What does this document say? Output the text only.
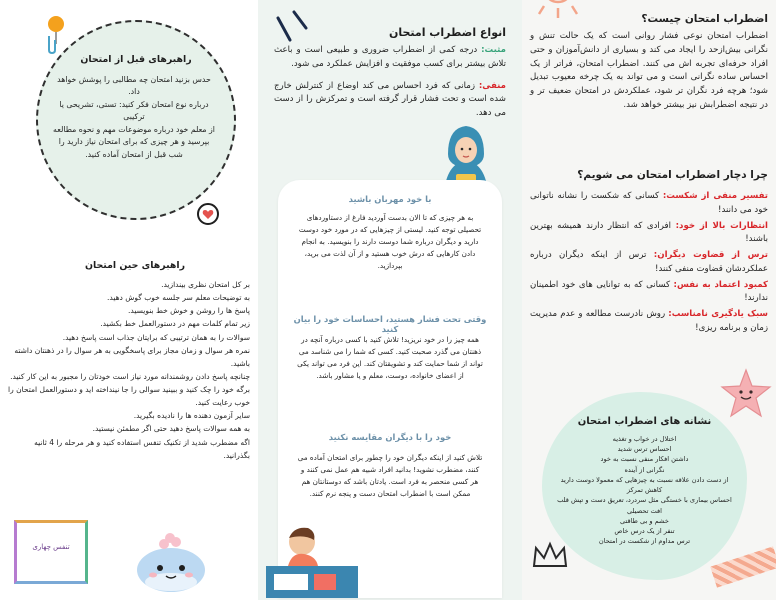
اضطراب امتحان چیست؟

اضطراب امتحان نوعی فشار روانی است که یک حالت تنش و نگرانی بیش‌ازحد را ایجاد می کند و بسیاری از دانش‌آموزان و حتی افراد حرفه‌ای تجربه اش می کنند. اضطراب امتحان، فراتر از یک احساس ساده نگرانی است و می تواند به یک چرخه معیوب تبدیل شود؛ هرچه فرد نگران تر شود، عملکردش در امتحان ضعیف تر و در نتیجه اضطرابش نیز بیشتر خواهد شد.

چرا دچار اضطراب امتحان می شویم؟

تفسیر منفی از شکست: کسانی که شکست را نشانه ناتوانی خود می دانند!

انتظارات بالا از خود: افرادی که انتظار دارند همیشه بهترین باشند!

ترس از قضاوت دیگران: ترس از اینکه دیگران درباره عملکردشان قضاوت منفی کنند!

کمبود اعتماد به نفس: کسانی که به توانایی های خود اطمینان ندارند!

سبک یادگیری نامناسب: روش نادرست مطالعه و عدم مدیریت زمان و برنامه ریزی!

نشانه های اضطراب امتحان
اختلال در خواب و تغذیه
احساس ترس شدید
داشتن افکار منفی نسبت به خود
نگرانی از آینده
از دست دادن علاقه نسبت به چیزهایی که معمولا دوست دارید
کاهش تمرکز
احساس بیماری با خستگی مثل سردرد، تعریق دست و تپش قلب
افت تحصیلی
خشم و بی طاقتی
تنفر از یک درس خاص
ترس مداوم از شکست در امتحان
انواع اضطراب امتحان

مثبت: درجه کمی از اضطراب ضروری و طبیعی است و باعث تلاش بیشتر برای کسب موفقیت و افزایش عملکرد می شود.

منفی: زمانی که فرد احساس می کند اوضاع از کنترلش خارج شده است و تحت فشار قرار گرفته است و تمرکزش را از دست می دهد.

با خود مهربان باشید
به هر چیزی که تا الان بدست آوردید فارغ از دستاوردهای تحصیلی توجه کنید. لیستی از چیزهایی که در مورد خود دوست دارید و دیگران درباره شما دوست دارند را بنویسید. به انجام دادن کارهایی که درش خوب هستید و از آن لذت می برید، بپردازید.
وقتی تحت فشار هستید، احساسات خود را بیان کنید
همه چیز را در خود نریزید! تلاش کنید با کسی درباره آنچه در ذهنتان می گذرد صحبت کنید. کسی که شما را می شناسد می تواند از شما حمایت کند و تشویقتان کند. این فرد می تواند یکی از اعضای خانواده، دوست، معلم و یا مشاور باشد.
خود را با دیگران مقایسه نکنید
تلاش کنید از اینکه دیگران خود را چطور برای امتحان آماده می کنند، مضطرب نشوید! بدانید افراد شبیه هم عمل نمی کنند و هر کسی منحصر به فرد است. یادتان باشد که دوستانتان هم ممکن است با اضطراب امتحان دست و پنجه نرم کنند.
راهبرهای قبل از امتحان
حدس بزنید امتحان چه مطالبی را پوشش خواهد داد.
درباره نوع امتحان فکر کنید: تستی، تشریحی یا ترکیبی
از معلم خود درباره موضوعات مهم و نحوه مطالعه بپرسید و هر چیزی که برای امتحان نیاز دارید را شب قبل از امتحان آماده کنید.
راهبرهای حین امتحان
بر کل امتحان نظری بیندازید.
به توضیحات معلم سر جلسه خوب گوش دهید.
پاسخ ها را روشن و خوش خط بنویسید.
زیر تمام کلمات مهم در دستورالعمل خط بکشید.
سوالات را به همان ترتیبی که برایتان جذاب است پاسخ دهید.
نمره هر سوال و زمان مجاز برای پاسخگویی به هر سوال را در ذهنتان داشته باشید.
چنانچه پاسخ دادن روشمندانه مورد نیاز است خودتان را مجبور به این کار کنید.
برگه خود را چک کنید و ببینید سوالی را جا نینداخته اید و دستورالعمل امتحان را خوب رعایت کنید.
سایر آزمون دهنده ها را نادیده بگیرید.
به همه سوالات پاسخ دهید حتی اگر مطمئن نیستید.
اگه مضطرب شدید از تکنیک تنفس استفاده کنید و هر مرحله را 4 ثانیه بگذرانید.
تنفس چهاری
